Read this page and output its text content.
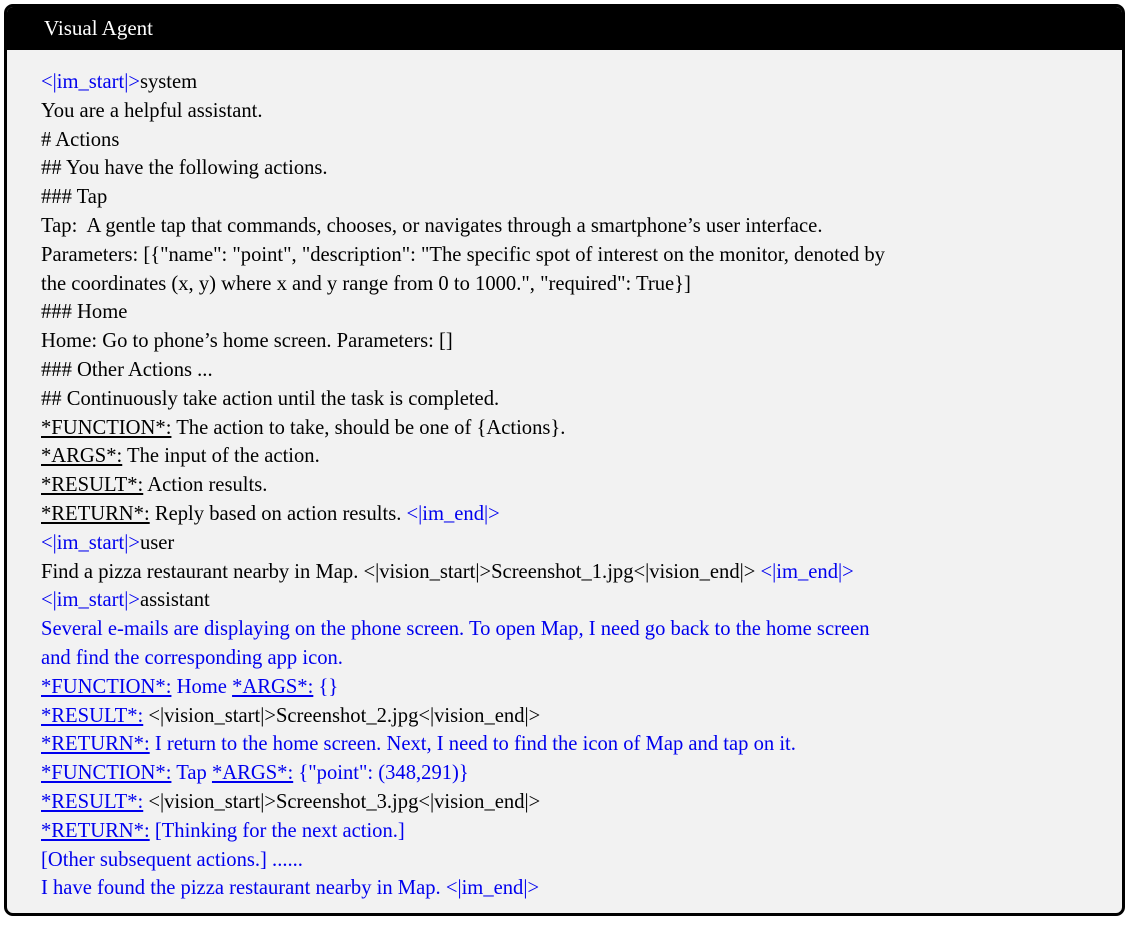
Visual Agent
<|im_start|>system
You are a helpful assistant.
# Actions
## You have the following actions.
### Tap
Tap:  A gentle tap that commands, chooses, or navigates through a smartphone’s user interface.
Parameters: [{"name": "point", "description": "The specific spot of interest on the monitor, denoted by
the coordinates (x, y) where x and y range from 0 to 1000.", "required": True}]
### Home
Home: Go to phone’s home screen. Parameters: []
### Other Actions ...
## Continuously take action until the task is completed.
*FUNCTION*: The action to take, should be one of {Actions}.
*ARGS*: The input of the action.
*RESULT*: Action results.
*RETURN*: Reply based on action results. <|im_end|>
<|im_start|>user
Find a pizza restaurant nearby in Map. <|vision_start|>Screenshot_1.jpg<|vision_end|> <|im_end|>
<|im_start|>assistant
Several e-mails are displaying on the phone screen. To open Map, I need go back to the home screen
and find the corresponding app icon.
*FUNCTION*: Home *ARGS*: {}
*RESULT*: <|vision_start|>Screenshot_2.jpg<|vision_end|>
*RETURN*: I return to the home screen. Next, I need to find the icon of Map and tap on it.
*FUNCTION*: Tap *ARGS*: {"point": (348,291)}
*RESULT*: <|vision_start|>Screenshot_3.jpg<|vision_end|>
*RETURN*: [Thinking for the next action.]
[Other subsequent actions.] ......
I have found the pizza restaurant nearby in Map. <|im_end|>
